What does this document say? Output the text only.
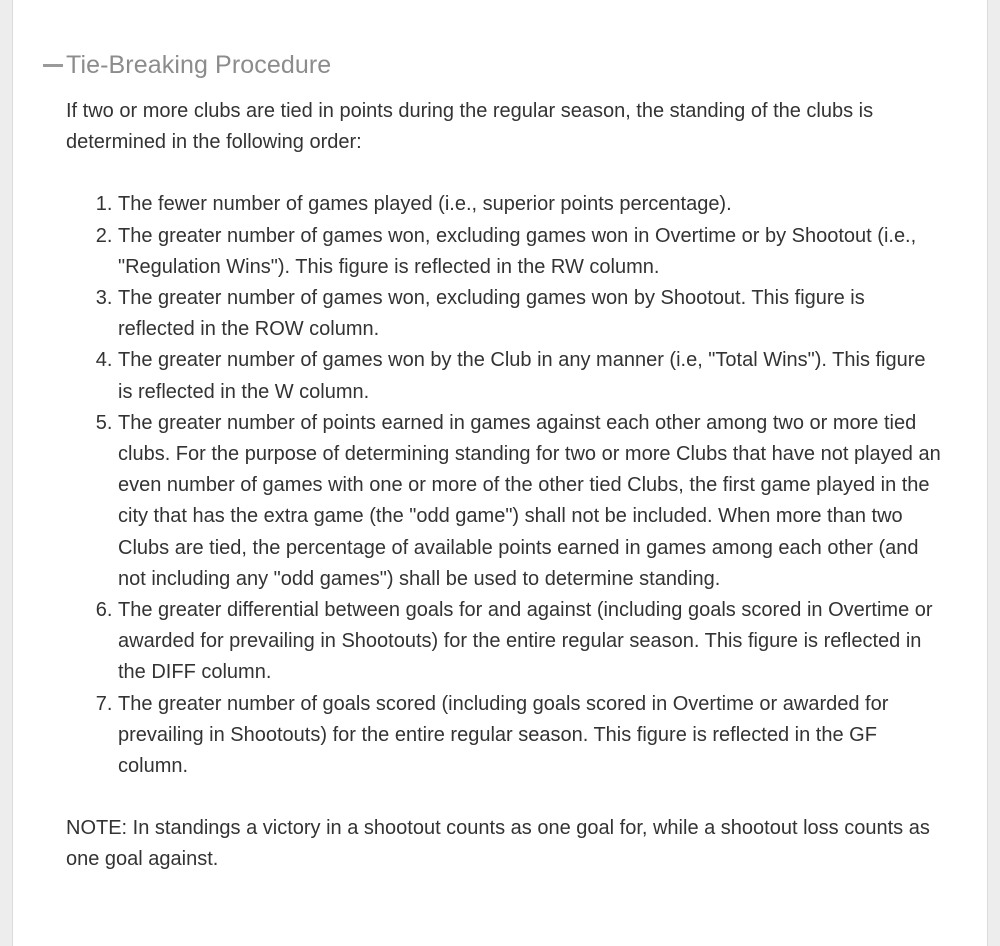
Tie-Breaking Procedure

If two or more clubs are tied in points during the regular season, the standing of the clubs is determined in the following order:

1. The fewer number of games played (i.e., superior points percentage).
2. The greater number of games won, excluding games won in Overtime or by Shootout (i.e., "Regulation Wins"). This figure is reflected in the RW column.
3. The greater number of games won, excluding games won by Shootout. This figure is reflected in the ROW column.
4. The greater number of games won by the Club in any manner (i.e, "Total Wins"). This figure is reflected in the W column.
5. The greater number of points earned in games against each other among two or more tied clubs. For the purpose of determining standing for two or more Clubs that have not played an even number of games with one or more of the other tied Clubs, the first game played in the city that has the extra game (the "odd game") shall not be included. When more than two Clubs are tied, the percentage of available points earned in games among each other (and not including any "odd games") shall be used to determine standing.
6. The greater differential between goals for and against (including goals scored in Overtime or awarded for prevailing in Shootouts) for the entire regular season. This figure is reflected in the DIFF column.
7. The greater number of goals scored (including goals scored in Overtime or awarded for prevailing in Shootouts) for the entire regular season. This figure is reflected in the GF column.

NOTE: In standings a victory in a shootout counts as one goal for, while a shootout loss counts as one goal against.
